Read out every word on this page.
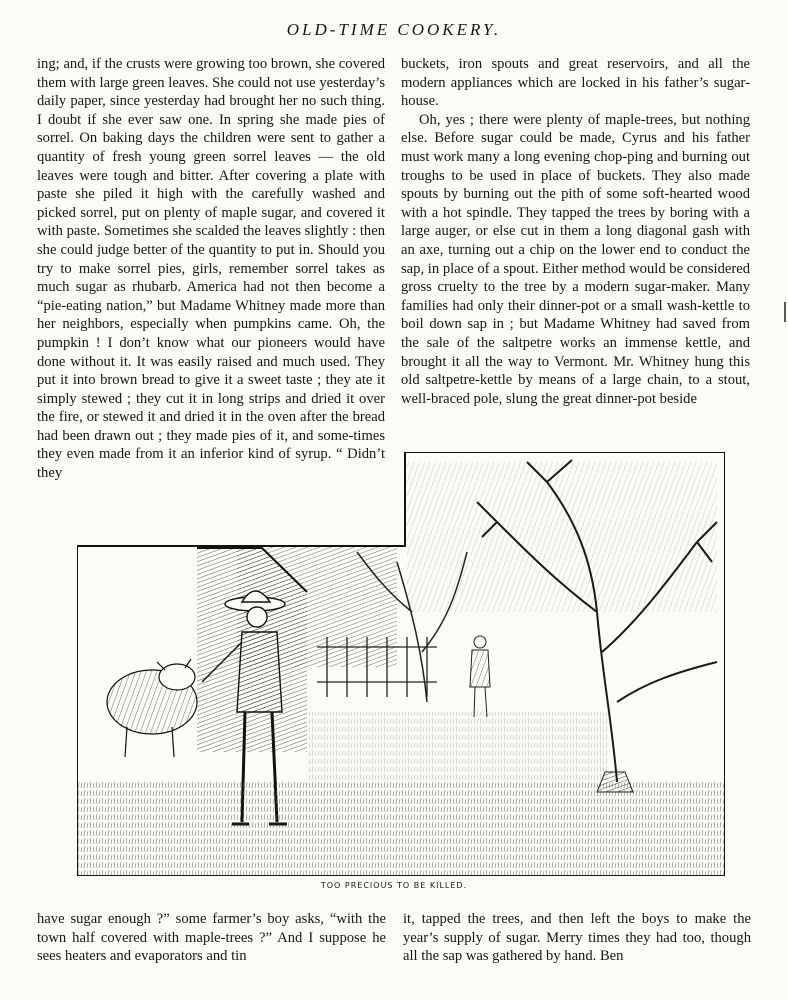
OLD-TIME COOKERY.

ing; and, if the crusts were growing too brown, she covered them with large green leaves. She could not use yesterday’s daily paper, since yesterday had brought her no such thing. I doubt if she ever saw one. In spring she made pies of sorrel. On baking days the children were sent to gather a quantity of fresh young green sorrel leaves — the old leaves were tough and bitter. After covering a plate with paste she piled it high with the carefully washed and picked sorrel, put on plenty of maple sugar, and covered it with paste. Sometimes she scalded the leaves slightly : then she could judge better of the quantity to put in. Should you try to make sorrel pies, girls, remember sorrel takes as much sugar as rhubarb. America had not then become a “pie-eating nation,” but Madame Whitney made more than her neighbors, especially when pumpkins came. Oh, the pumpkin ! I don’t know what our pioneers would have done without it. It was easily raised and much used. They put it into brown bread to give it a sweet taste ; they ate it simply stewed ; they cut it in long strips and dried it over the fire, or stewed it and dried it in the oven after the bread had been drawn out ; they made pies of it, and some-times they even made from it an inferior kind of syrup. “ Didn’t they

buckets, iron spouts and great reservoirs, and all the modern appliances which are locked in his father’s sugar-house.

Oh, yes ; there were plenty of maple-trees, but nothing else. Before sugar could be made, Cyrus and his father must work many a long evening chop-ping and burning out troughs to be used in place of buckets. They also made spouts by burning out the pith of some soft-hearted wood with a hot spindle. They tapped the trees by boring with a large auger, or else cut in them a long diagonal gash with an axe, turning out a chip on the lower end to conduct the sap, in place of a spout. Either method would be considered gross cruelty to the tree by a modern sugar-maker. Many families had only their dinner-pot or a small wash-kettle to boil down sap in ; but Madame Whitney had saved from the sale of the saltpetre works an immense kettle, and brought it all the way to Vermont. Mr. Whitney hung this old saltpetre-kettle by means of a large chain, to a stout, well-braced pole, slung the great dinner-pot beside

TOO PRECIOUS TO BE KILLED.
have sugar enough ?” some farmer’s boy asks, “with the town half covered with maple-trees ?” And I suppose he sees heaters and evaporators and tin
it, tapped the trees, and then left the boys to make the year’s supply of sugar. Merry times they had too, though all the sap was gathered by hand. Ben
